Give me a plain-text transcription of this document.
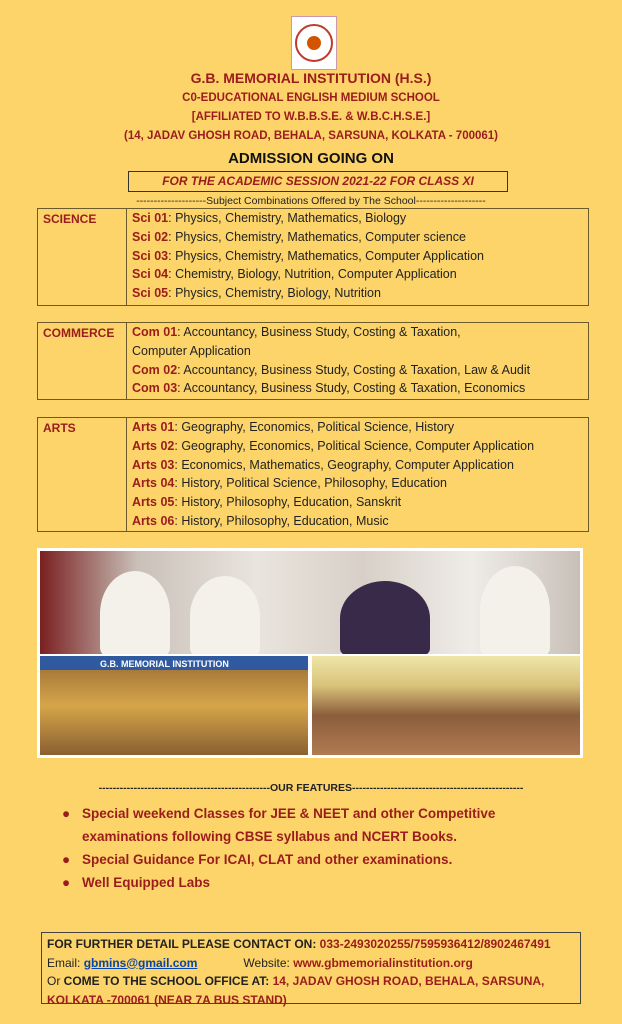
G.B. MEMORIAL INSTITUTION (H.S.)
C0-EDUCATIONAL ENGLISH MEDIUM SCHOOL
[AFFILIATED TO W.B.B.S.E. & W.B.C.H.S.E.]
(14, JADAV GHOSH ROAD, BEHALA, SARSUNA, KOLKATA - 700061)
ADMISSION GOING ON
FOR THE ACADEMIC SESSION 2021-22 FOR CLASS XI
--------------------Subject Combinations Offered by The School--------------------
SCIENCE	Sci 01: Physics, Chemistry, Mathematics, Biology
Sci 02: Physics, Chemistry, Mathematics, Computer science
Sci 03: Physics, Chemistry, Mathematics, Computer Application
Sci 04: Chemistry, Biology, Nutrition, Computer Application
Sci 05: Physics, Chemistry, Biology, Nutrition
COMMERCE Com 01: Accountancy, Business Study, Costing & Taxation,
Computer Application
Com 02: Accountancy, Business Study, Costing & Taxation, Law & Audit
Com 03: Accountancy, Business Study, Costing & Taxation, Economics
ARTS	Arts 01: Geography, Economics, Political Science, History
Arts 02: Geography, Economics, Political Science, Computer Application
Arts 03: Economics, Mathematics, Geography, Computer Application
Arts 04: History, Political Science, Philosophy, Education
Arts 05: History, Philosophy, Education, Sanskrit
Arts 06: History, Philosophy, Education, Music
G.B. MEMORIAL INSTITUTION
-------------------------------------------------OUR FEATURES-------------------------------------------------
● Special weekend Classes for JEE & NEET and other Competitive examinations following CBSE syllabus and NCERT Books.
● Special Guidance For ICAI, CLAT and other examinations.
● Well Equipped Labs
FOR FURTHER DETAIL PLEASE CONTACT ON: 033-2493020255/7595936412/8902467491
Email: gbmins@gmail.com	Website: www.gbmemorialinstitution.org
Or COME TO THE SCHOOL OFFICE AT: 14, JADAV GHOSH ROAD, BEHALA, SARSUNA, KOLKATA -700061 (NEAR 7A BUS STAND)
